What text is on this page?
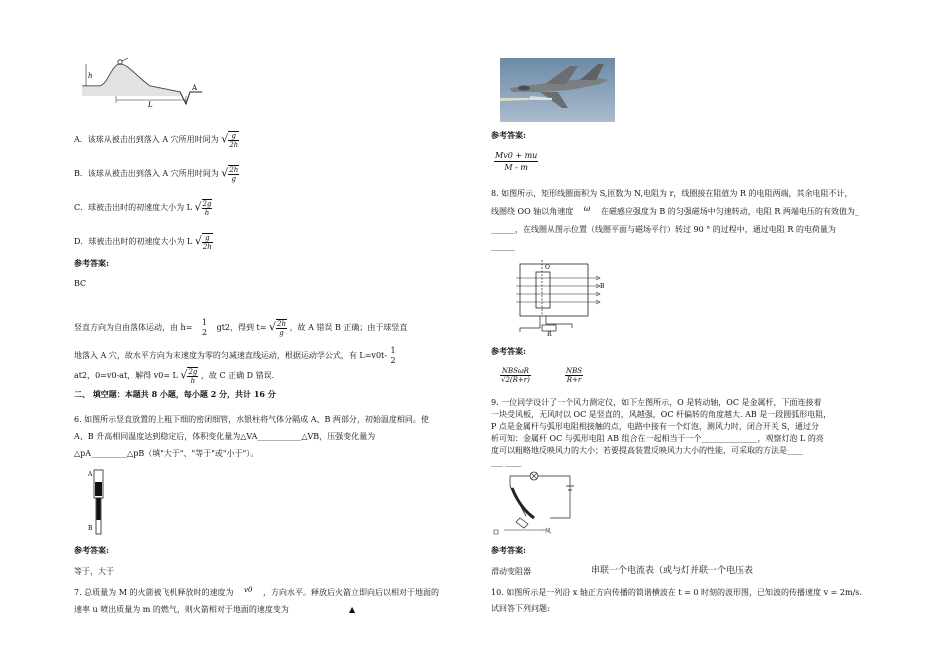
h
L
A
A．该球从被击出到落入 A 穴所用时间为 √ $\frac{g}{2h}$
B．该球从被击出到落入 A 穴所用时间为 √ $\frac{2h}{g}$
C．球被击出时的初速度大小为 L √ $\frac{2g}{h}$
D．球被击出时的初速度大小为 L √ $\frac{g}{2h}$
参考答案:
BC
竖直方向为自由落体运动，由 h=
1
2
gt2，得到 t= √ $\frac{2h}{g}$ ，故 A 错误 B 正确；由于球竖直
地落入 A 穴，故水平方向为末速度为零的匀减速直线运动，根据运动学公式，有 L=v0t-
1
2
at2，0=v0-at，解得 v0= L √ $\frac{2g}{h}$ ，故 C 正确 D 错误．
二、 填空题：本题共 8 小题，每小题 2 分，共计 16 分
6. 如图所示竖直放置的上粗下细的密闭细管，水银柱将气体分隔成 A、B 两部分，初始温度相同。使
A、B 升高相同温度达到稳定后，体积变化量为△VA___________△VB，压强变化量为
△pA_________△pB（填"大于"、"等于"或"小于"）。
A
B
参考答案:
等于，大于
7. 总质量为 M 的火箭被飞机释放时的速度为 v0 ，方向水平。释放后火箭立即向后以相对于地面的
速率 u 喷出质量为 m 的燃气，则火箭相对于地面的速度变为	▲
参考答案:
$\frac{Mv0 + mu}{M - m}$
8. 如图所示，矩形线圈面积为 S,匝数为 N,电阻为 r，线圈接在阻值为 R 的电阻两端，其余电阻不计，
线圈绕 OO 轴以角速度 ω 在磁感应强度为 B 的匀强磁场中匀速转动，电阻 R 两端电压的有效值为_
______，在线圈从图示位置（线圈平面与磁场平行）转过 90 ° 的过程中，通过电阻 R 的电荷量为
______
O
B
R
参考答案:
$\frac{\text{NBSωR}}{√2(R+r)}$	$\frac{\text{NBS}}{R+r}$
9. 一位同学设计了一个风力测定仪，如下左图所示，O 是转动轴，OC 是金属杆，下面连接着
一块受风板，无风时以 OC 是竖直的，风越强，OC 杆偏转的角度越大. AB 是一段圆弧形电阻，
P 点是金属杆与弧形电阻相接触的点，电路中接有一个灯泡，测风力时，闭合开关 S，通过分
析可知：金属杆 OC 与弧形电阻 AB 组合在一起相当于一个______________，观察灯泡 L 的亮
度可以粗略地反映风力的大小；若要提高装置反映风力大小的性能，可采取的方法是____
___ ____
风
参考答案:
滑动变阻器	串联一个电流表（或与灯并联一个电压表
10. 如图所示是一列沿 x 轴正方向传播的简谐横波在 t = 0 时刻的波形图，已知波的传播速度 v = 2m/s.
试回答下列问题:
